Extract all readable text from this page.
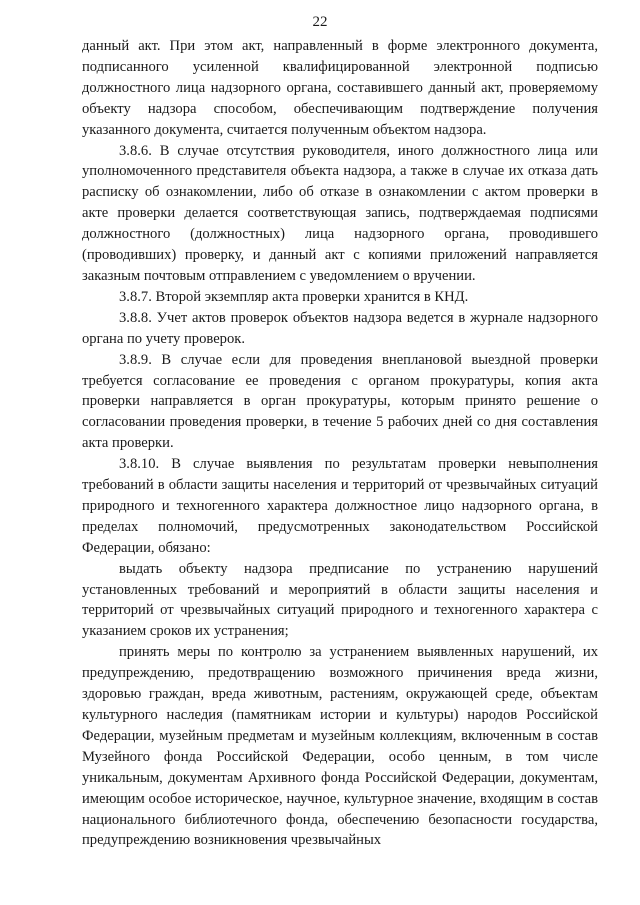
22

данный акт. При этом акт, направленный в форме электронного документа, подписанного усиленной квалифицированной электронной подписью должностного лица надзорного органа, составившего данный акт, проверяемому объекту надзора способом, обеспечивающим подтверждение получения указанного документа, считается полученным объектом надзора.

3.8.6. В случае отсутствия руководителя, иного должностного лица или уполномоченного представителя объекта надзора, а также в случае их отказа дать расписку об ознакомлении, либо об отказе в ознакомлении с актом проверки в акте проверки делается соответствующая запись, подтверждаемая подписями должностного (должностных) лица надзорного органа, проводившего (проводивших) проверку, и данный акт с копиями приложений направляется заказным почтовым отправлением с уведомлением о вручении.

3.8.7. Второй экземпляр акта проверки хранится в КНД.

3.8.8. Учет актов проверок объектов надзора ведется в журнале надзорного органа по учету проверок.

3.8.9. В случае если для проведения внеплановой выездной проверки требуется согласование ее проведения с органом прокуратуры, копия акта проверки направляется в орган прокуратуры, которым принято решение о согласовании проведения проверки, в течение 5 рабочих дней со дня составления акта проверки.

3.8.10. В случае выявления по результатам проверки невыполнения требований в области защиты населения и территорий от чрезвычайных ситуаций природного и техногенного характера должностное лицо надзорного органа, в пределах полномочий, предусмотренных законодательством Российской Федерации, обязано:

выдать объекту надзора предписание по устранению нарушений установленных требований и мероприятий в области защиты населения и территорий от чрезвычайных ситуаций природного и техногенного характера с указанием сроков их устранения;

принять меры по контролю за устранением выявленных нарушений, их предупреждению, предотвращению возможного причинения вреда жизни, здоровью граждан, вреда животным, растениям, окружающей среде, объектам культурного наследия (памятникам истории и культуры) народов Российской Федерации, музейным предметам и музейным коллекциям, включенным в состав Музейного фонда Российской Федерации, особо ценным, в том числе уникальным, документам Архивного фонда Российской Федерации, документам, имеющим особое историческое, научное, культурное значение, входящим в состав национального библиотечного фонда, обеспечению безопасности государства, предупреждению возникновения чрезвычайных
